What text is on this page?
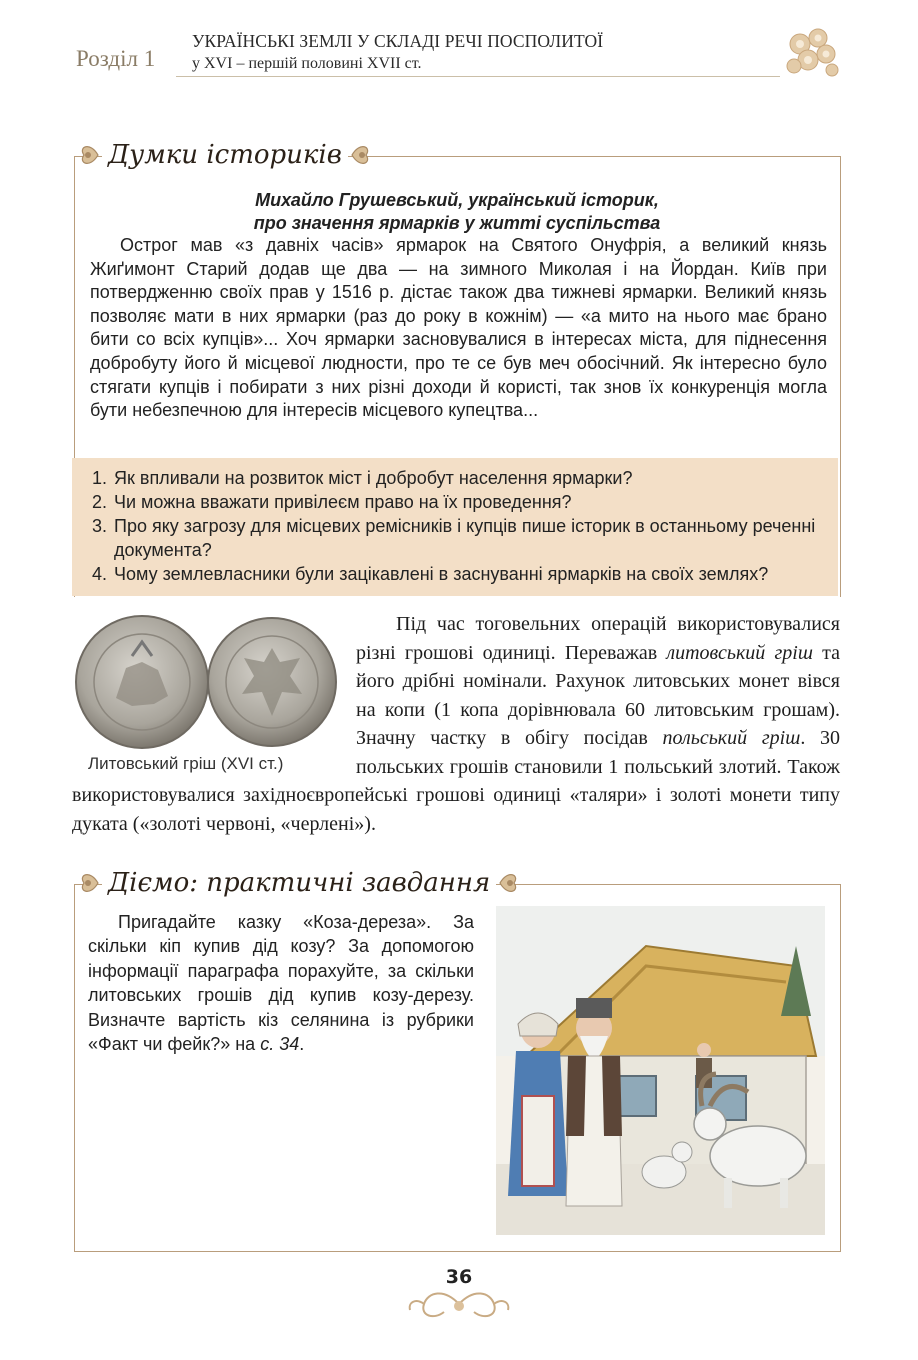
Розділ 1
УКРАЇНСЬКІ ЗЕМЛІ У СКЛАДІ РЕЧІ ПОСПОЛИТОЇ
у XVI – першій половині XVII ст.
Думки істориків
Михайло Грушевський, український історик,
про значення ярмарків у житті суспільства

Острог мав «з давніх часів» ярмарок на Святого Онуфрія, а великий князь Жиґимонт Старий додав ще два — на зимного Миколая і на Йордан. Київ при потвердженню своїх прав у 1516 р. дістає також два тижневі ярмарки. Великий князь позволяє мати в них ярмарки (раз до року в кожнім) — «а мито на нього має брано бити со всіх купців»... Хоч ярмарки засновувалися в інтересах міста, для піднесення добробуту його й місцевої людности, про те се був меч обосічний. Як інтересно було стягати купців і побирати з них різні доходи й користі, так знов їх конкуренція могла бути небезпечною для інтересів місцевого купецтва...

1. Як впливали на розвиток міст і добробут населення ярмарки?
2. Чи можна вважати привілеєм право на їх проведення?
3. Про яку загрозу для місцевих ремісників і купців пише історик в останньому реченні документа?
4. Чому землевласники були зацікавлені в заснуванні ярмарків на своїх землях?
Литовський гріш (XVI ст.)

Під час тоговельних операцій використовувалися різні грошові одиниці. Переважав литовський гріш та його дрібні номінали. Рахунок литовських монет вівся на копи (1 копа дорівнювала 60 литовським грошам). Значну частку в обігу посідав польський гріш. 30 польських грошів становили 1 польський злотий. Також використовувалися західноєвропейські грошові одиниці «таляри» і золоті монети типу дуката («золоті червоні, «черлені»).

Діємо: практичні завдання

Пригадайте казку «Коза-дереза». За скільки кіп купив дід козу? За допомогою інформації параграфа порахуйте, за скільки литовських грошів дід купив козу-дерезу. Визначте вартість кіз селянина із рубрики «Факт чи фейк?» на с. 34.

36
